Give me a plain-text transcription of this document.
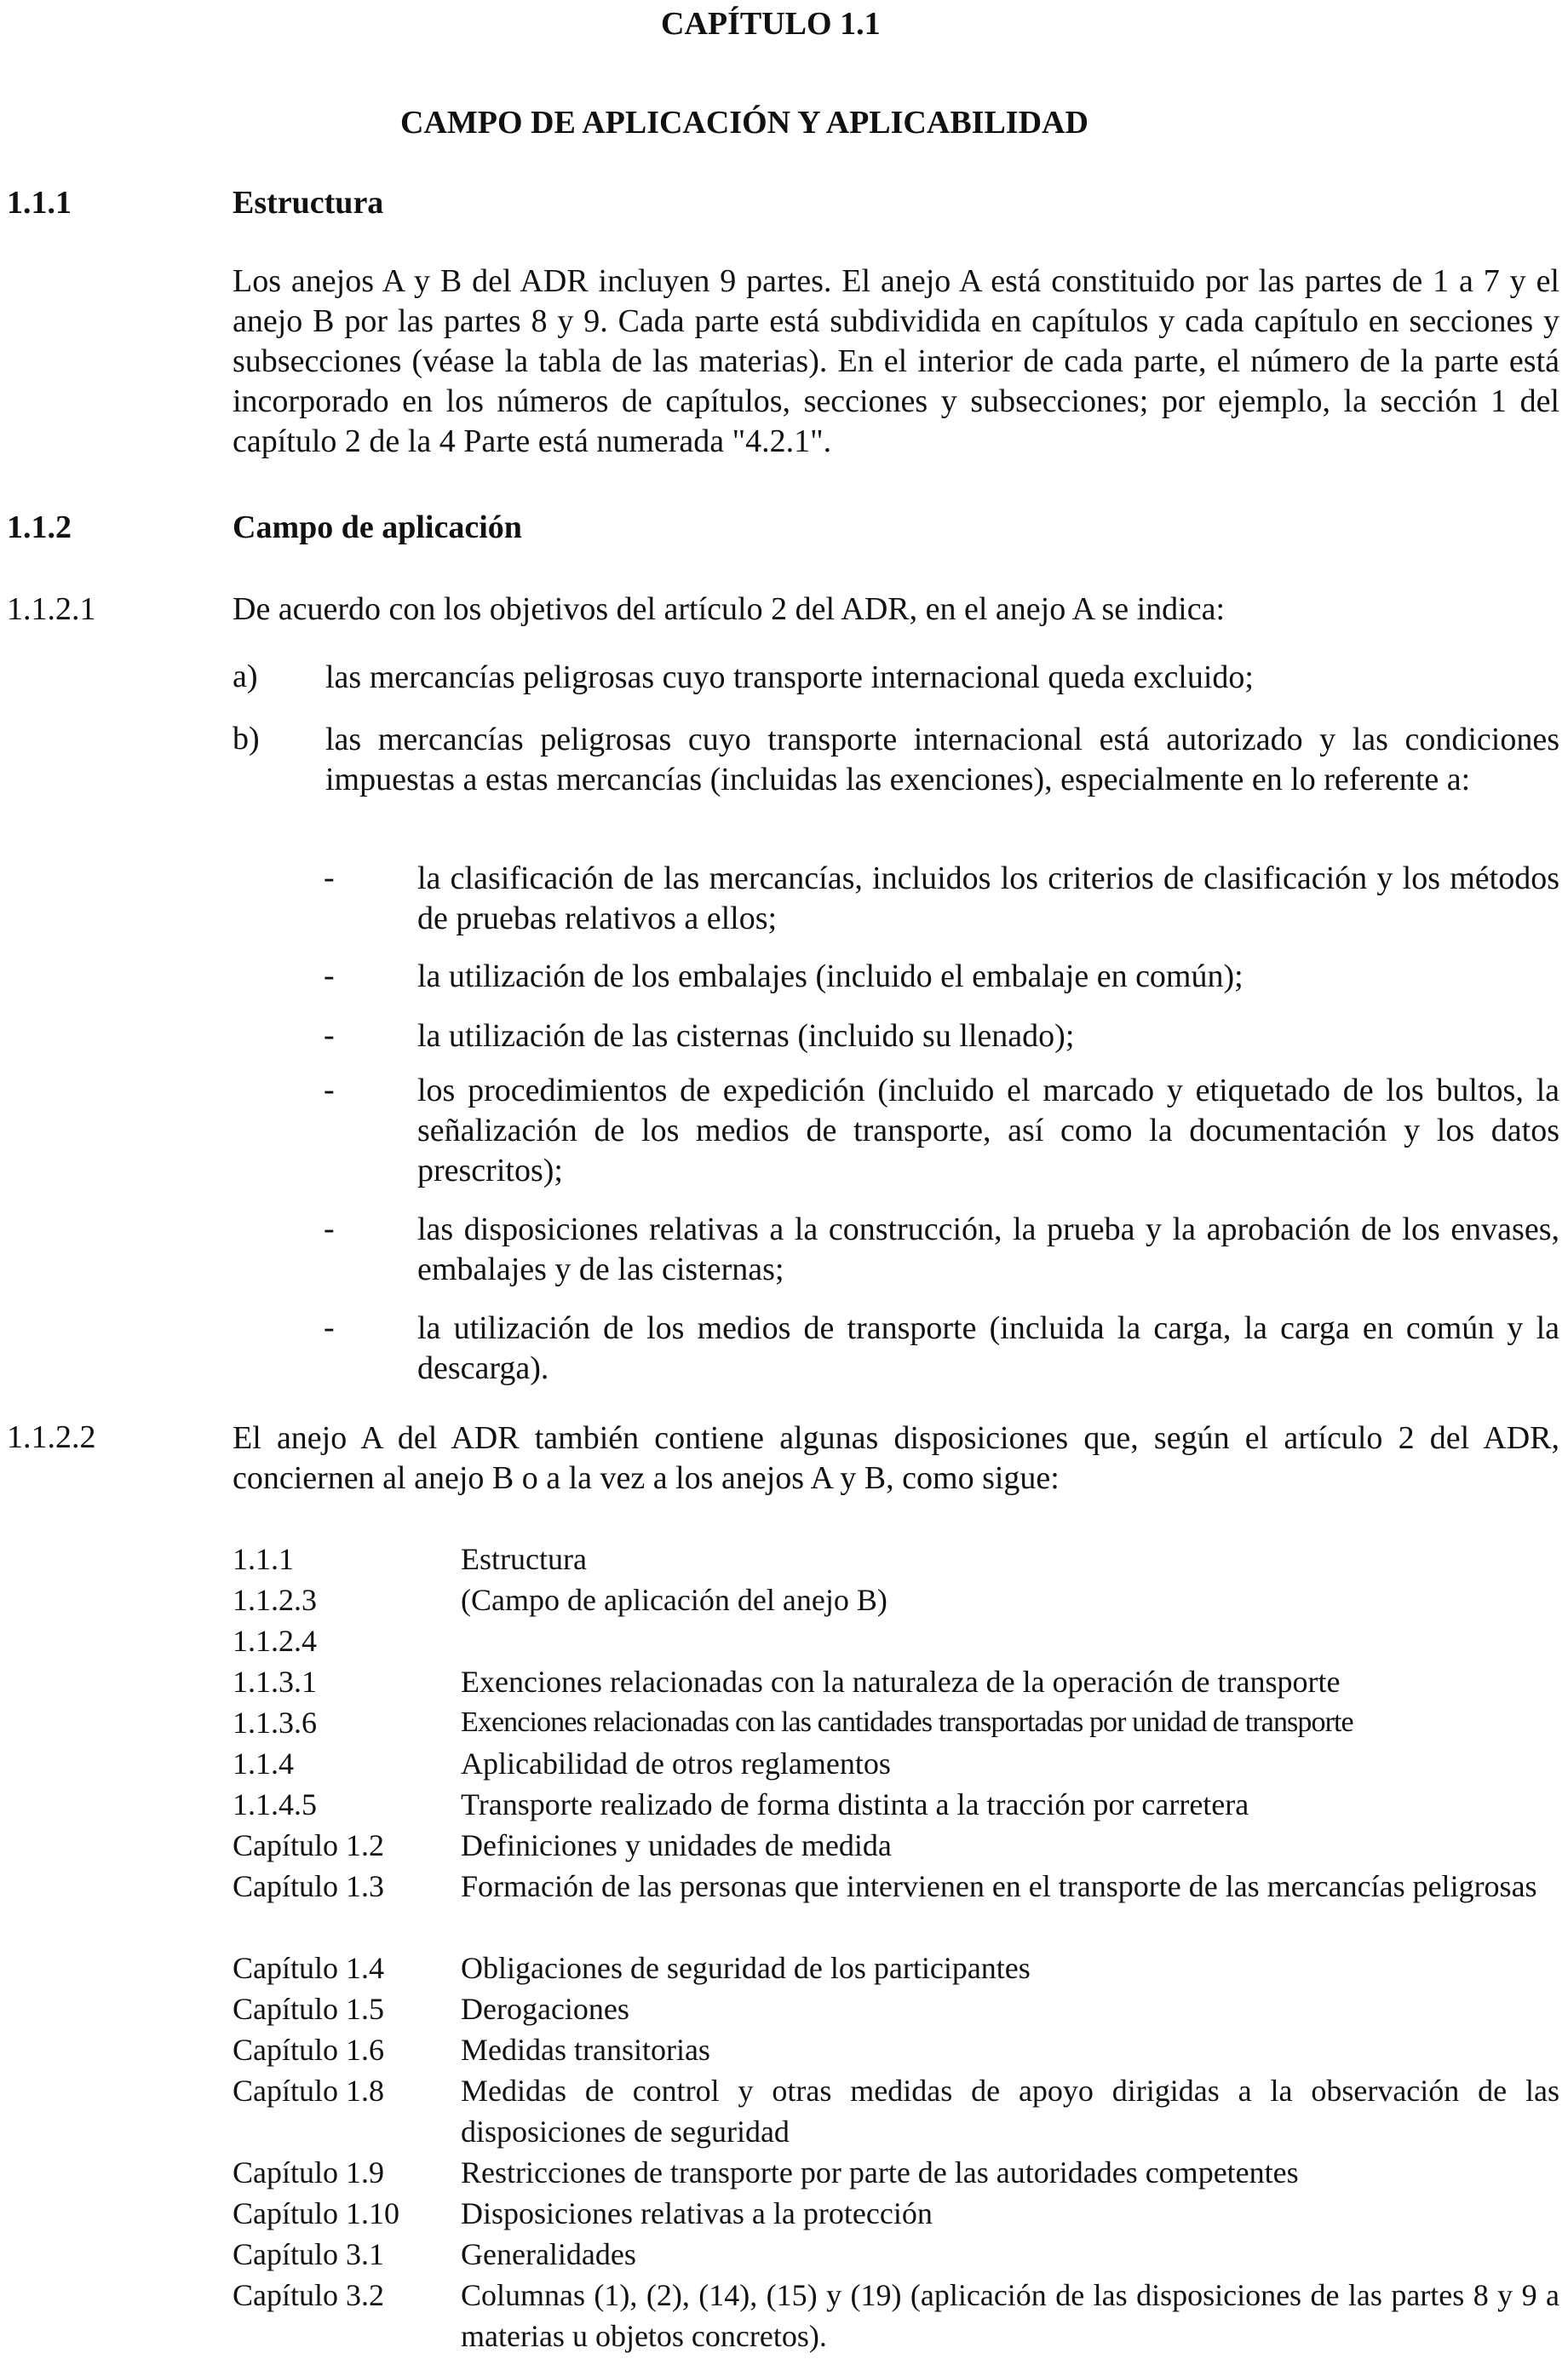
CAPÍTULO 1.1
CAMPO DE APLICACIÓN Y APLICABILIDAD
1.1.1	Estructura
Los anejos A y B del ADR incluyen 9 partes. El anejo A está constituido por las partes de 1 a 7 y el anejo B por las partes 8 y 9. Cada parte está subdividida en capítulos y cada capítulo en secciones y subsecciones (véase la tabla de las materias). En el interior de cada parte, el número de la parte está incorporado en los números de capítulos, secciones y subsecciones; por ejemplo, la sección 1 del capítulo 2 de la 4 Parte está numerada "4.2.1".
1.1.2	Campo de aplicación
1.1.2.1	De acuerdo con los objetivos del artículo 2 del ADR, en el anejo A se indica:
a) las mercancías peligrosas cuyo transporte internacional queda excluido;
b) las mercancías peligrosas cuyo transporte internacional está autorizado y las condiciones impuestas a estas mercancías (incluidas las exenciones), especialmente en lo referente a:
-	la clasificación de las mercancías, incluidos los criterios de clasificación y los métodos de pruebas relativos a ellos;
-	la utilización de los embalajes (incluido el embalaje en común);
-	la utilización de las cisternas (incluido su llenado);
-	los procedimientos de expedición (incluido el marcado y etiquetado de los bultos, la señalización de los medios de transporte, así como la documentación y los datos prescritos);
-	las disposiciones relativas a la construcción, la prueba y la aprobación de los envases, embalajes y de las cisternas;
-	la utilización de los medios de transporte (incluida la carga, la carga en común y la descarga).
1.1.2.2	El anejo A del ADR también contiene algunas disposiciones que, según el artículo 2 del ADR, conciernen al anejo B o a la vez a los anejos A y B, como sigue:
1.1.1	Estructura
1.1.2.3	(Campo de aplicación del anejo B)
1.1.2.4
1.1.3.1	Exenciones relacionadas con la naturaleza de la operación de transporte
1.1.3.6	Exenciones relacionadas con las cantidades transportadas por unidad de transporte
1.1.4	Aplicabilidad de otros reglamentos
1.1.4.5	Transporte realizado de forma distinta a la tracción por carretera
Capítulo 1.2	Definiciones y unidades de medida
Capítulo 1.3	Formación de las personas que intervienen en el transporte de las mercancías peligrosas
Capítulo 1.4	Obligaciones de seguridad de los participantes
Capítulo 1.5	Derogaciones
Capítulo 1.6	Medidas transitorias
Capítulo 1.8	Medidas de control y otras medidas de apoyo dirigidas a la observación de las disposiciones de seguridad
Capítulo 1.9	Restricciones de transporte por parte de las autoridades competentes
Capítulo 1.10 Disposiciones relativas a la protección
Capítulo 3.1	Generalidades
Capítulo 3.2	Columnas (1), (2), (14), (15) y (19) (aplicación de las disposiciones de las partes 8 y 9 a materias u objetos concretos).
